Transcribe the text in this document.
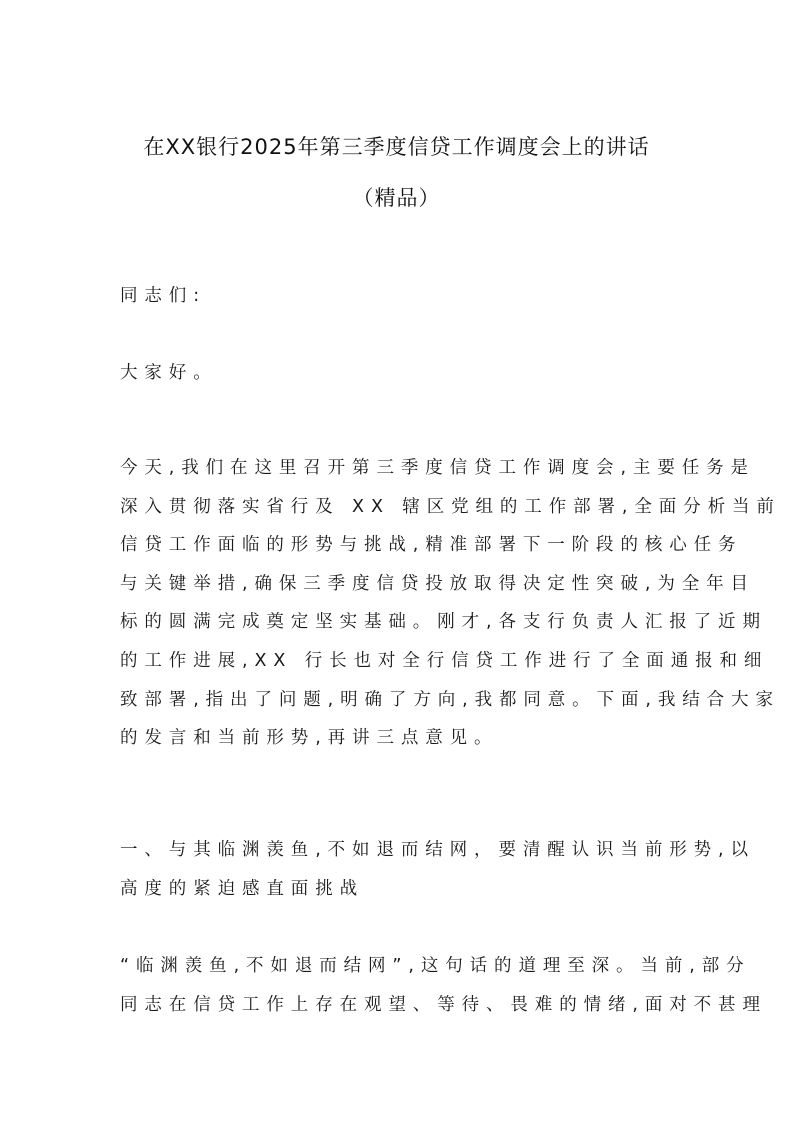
在XX银行2025年第三季度信贷工作调度会上的讲话
（精品）
同志们:
大家好。
今天,我们在这里召开第三季度信贷工作调度会,主要任务是
深入贯彻落实省行及 XX 辖区党组的工作部署,全面分析当前
信贷工作面临的形势与挑战,精准部署下一阶段的核心任务
与关键举措,确保三季度信贷投放取得决定性突破,为全年目
标的圆满完成奠定坚实基础。刚才,各支行负责人汇报了近期
的工作进展,XX 行长也对全行信贷工作进行了全面通报和细
致部署,指出了问题,明确了方向,我都同意。下面,我结合大家
的发言和当前形势,再讲三点意见。
一、与其临渊羡鱼,不如退而结网，要清醒认识当前形势,以
高度的紧迫感直面挑战
“临渊羡鱼,不如退而结网”,这句话的道理至深。当前,部分
同志在信贷工作上存在观望、等待、畏难的情绪,面对不甚理
